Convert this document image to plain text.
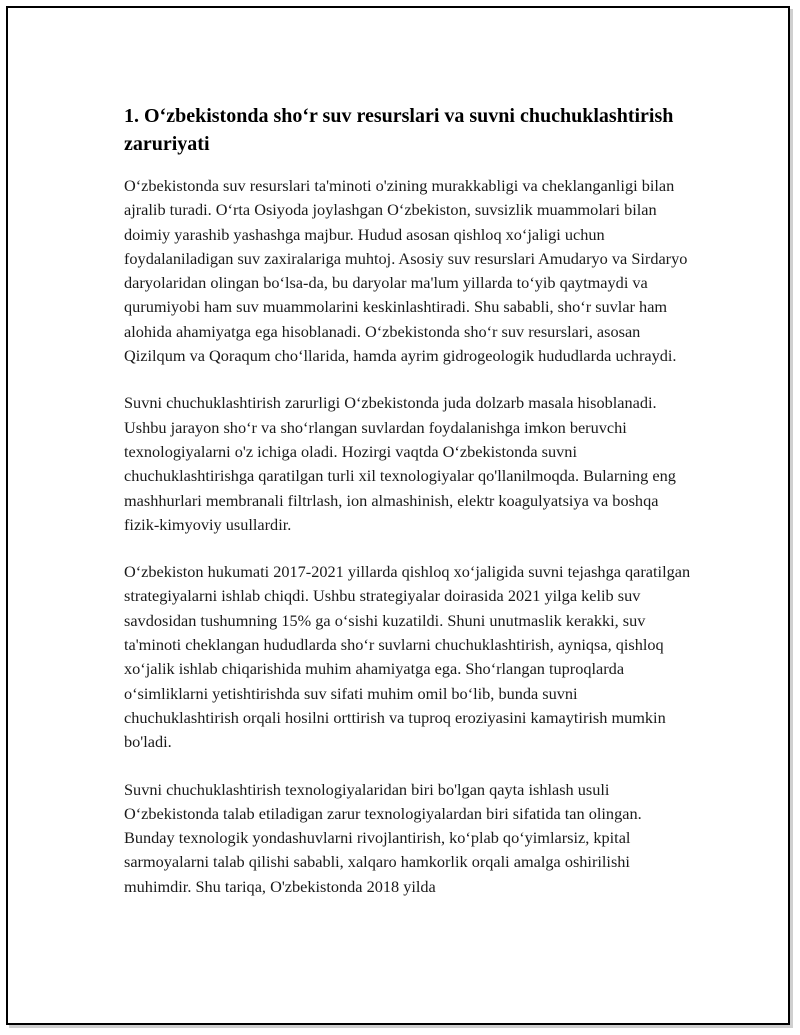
1. O‘zbekistonda sho‘r suv resurslari va suvni chuchuklashtirish zaruriyati

O‘zbekistonda suv resurslari ta'minoti o'zining murakkabligi va cheklanganligi bilan ajralib turadi. O‘rta Osiyoda joylashgan O‘zbekiston, suvsizlik muammolari bilan doimiy yarashib yashashga majbur. Hudud asosan qishloq xo‘jaligi uchun foydalaniladigan suv zaxiralariga muhtoj. Asosiy suv resurslari Amudaryo va Sirdaryo daryolaridan olingan bo‘lsa-da, bu daryolar ma'lum yillarda to‘yib qaytmaydi va qurumiyobi ham suv muammolarini keskinlashtiradi. Shu sababli, sho‘r suvlar ham alohida ahamiyatga ega hisoblanadi. O‘zbekistonda sho‘r suv resurslari, asosan Qizilqum va Qoraqum cho‘llarida, hamda ayrim gidrogeologik hududlarda uchraydi.

Suvni chuchuklashtirish zarurligi O‘zbekistonda juda dolzarb masala hisoblanadi. Ushbu jarayon sho‘r va sho‘rlangan suvlardan foydalanishga imkon beruvchi texnologiyalarni o'z ichiga oladi. Hozirgi vaqtda O‘zbekistonda suvni chuchuklashtirishga qaratilgan turli xil texnologiyalar qo'llanilmoqda. Bularning eng mashhurlari membranali filtrlash, ion almashinish, elektr koagulyatsiya va boshqa fizik-kimyoviy usullardir.

O‘zbekiston hukumati 2017-2021 yillarda qishloq xo‘jaligida suvni tejashga qaratilgan strategiyalarni ishlab chiqdi. Ushbu strategiyalar doirasida 2021 yilga kelib suv savdosidan tushumning 15% ga o‘sishi kuzatildi. Shuni unutmaslik kerakki, suv ta'minoti cheklangan hududlarda sho‘r suvlarni chuchuklashtirish, ayniqsa, qishloq xo‘jalik ishlab chiqarishida muhim ahamiyatga ega. Sho‘rlangan tuproqlarda o‘simliklarni yetishtirishda suv sifati muhim omil bo‘lib, bunda suvni chuchuklashtirish orqali hosilni orttirish va tuproq eroziyasini kamaytirish mumkin bo'ladi.

Suvni chuchuklashtirish texnologiyalaridan biri bo'lgan qayta ishlash usuli O‘zbekistonda talab etiladigan zarur texnologiyalardan biri sifatida tan olingan. Bunday texnologik yondashuvlarni rivojlantirish, ko‘plab qo‘yimlarsiz, kpital sarmoyalarni talab qilishi sababli, xalqaro hamkorlik orqali amalga oshirilishi muhimdir. Shu tariqa, O'zbekistonda 2018 yilda
